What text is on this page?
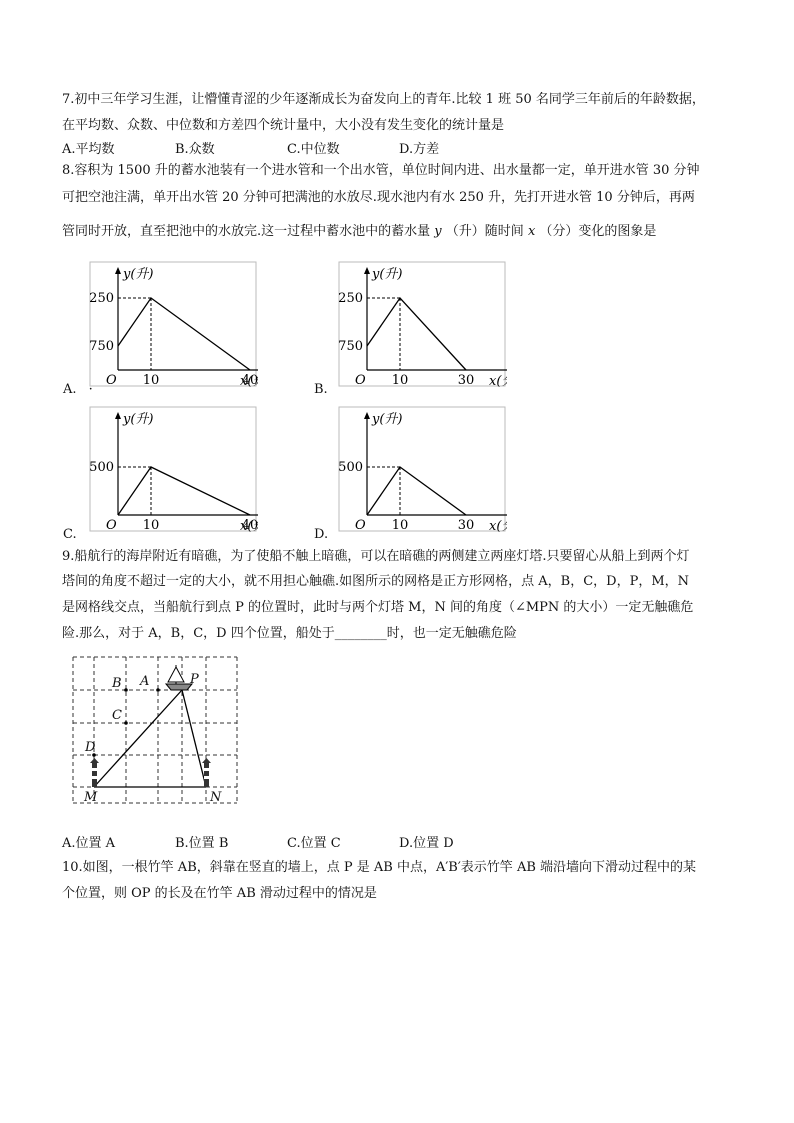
7.初中三年学习生涯，让懵懂青涩的少年逐渐成长为奋发向上的青年.比较 1 班 50 名同学三年前后的年龄数据，
在平均数、众数、中位数和方差四个统计量中，大小没有发生变化的统计量是
A.平均数	B.众数	C.中位数	D.方差
8.容积为 1500 升的蓄水池装有一个进水管和一个出水管，单位时间内进、出水量都一定，单开进水管 30 分钟
可把空池注满，单开出水管 20 分钟可把满池的水放尽.现水池内有水 250 升，先打开进水管 10 分钟后，再两
管同时开放，直至把池中的水放完.这一过程中蓄水池中的蓄水量 y （升）随时间 x （分）变化的图象是
750
250
10	40
O
y(升)
x(
A. ·
750
250
10	30
O
y(升)
x(
B.
500
10	40
O
y(升)
x(
C.
500
10	30
O
y(升)
x(
D.
9.船航行的海岸附近有暗礁，为了使船不触上暗礁，可以在暗礁的两侧建立两座灯塔.只要留心从船上到两个灯
塔间的角度不超过一定的大小，就不用担心触礁.如图所示的网格是正方形网格，点 A，B，C，D，P，M，N
是网格线交点，当船航行到点 P 的位置时，此时与两个灯塔 M，N 间的角度（∠MPN 的大小）一定无触礁危
险.那么，对于 A，B，C，D 四个位置，船处于________时，也一定无触礁危险
B A	P
C
D
M	N
A.位置 A	B.位置 B	C.位置 C	D.位置 D
10.如图，一根竹竿 AB，斜靠在竖直的墙上，点 P 是 AB 中点，A′B′表示竹竿 AB 端沿墙向下滑动过程中的某
个位置，则 OP 的长及在竹竿 AB 滑动过程中的情况是
